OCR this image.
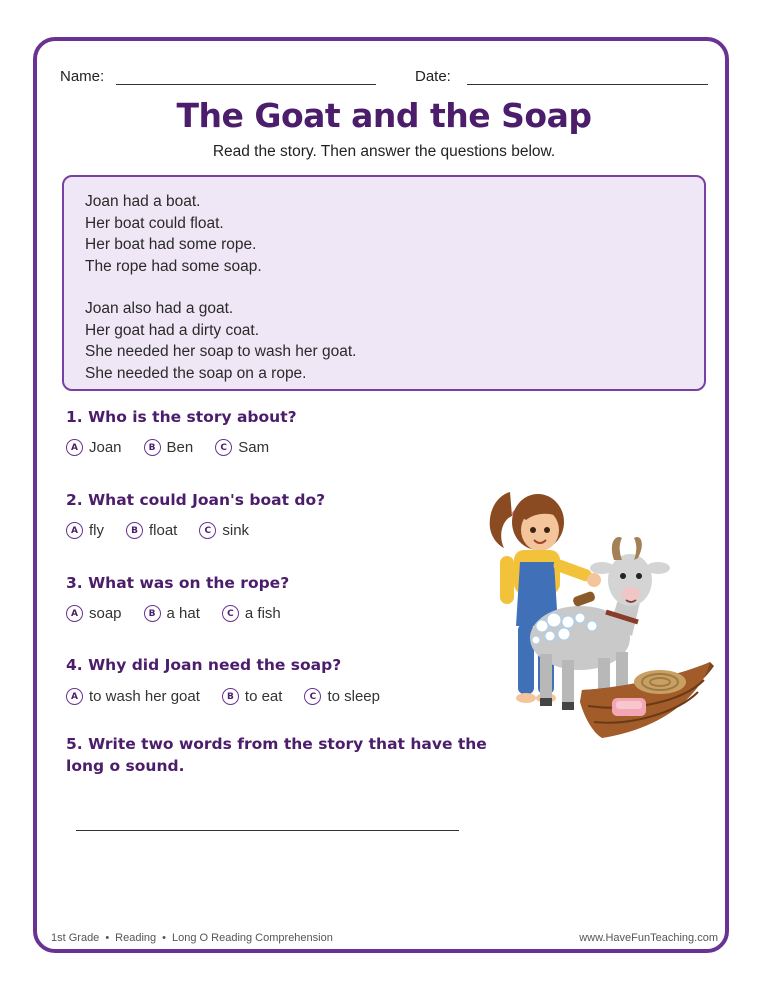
Name:	Date:
The Goat and the Soap
Read the story. Then answer the questions below.
Joan had a boat.
Her boat could float.
Her boat had some rope.
The rope had some soap.
Joan also had a goat.
Her goat had a dirty coat.
She needed her soap to wash her goat.
She needed the soap on a rope.
1. Who is the story about?
A Joan	B Ben	C Sam
2. What could Joan's boat do?
A fly	B float	C sink
3. What was on the rope?
A soap	B a hat	C a fish
4. Why did Joan need the soap?
A to wash her goat	B to eat	C to sleep
5. Write two words from the story that have the
long o sound.
1st Grade • Reading • Long O Reading Comprehension	www.HaveFunTeaching.com
